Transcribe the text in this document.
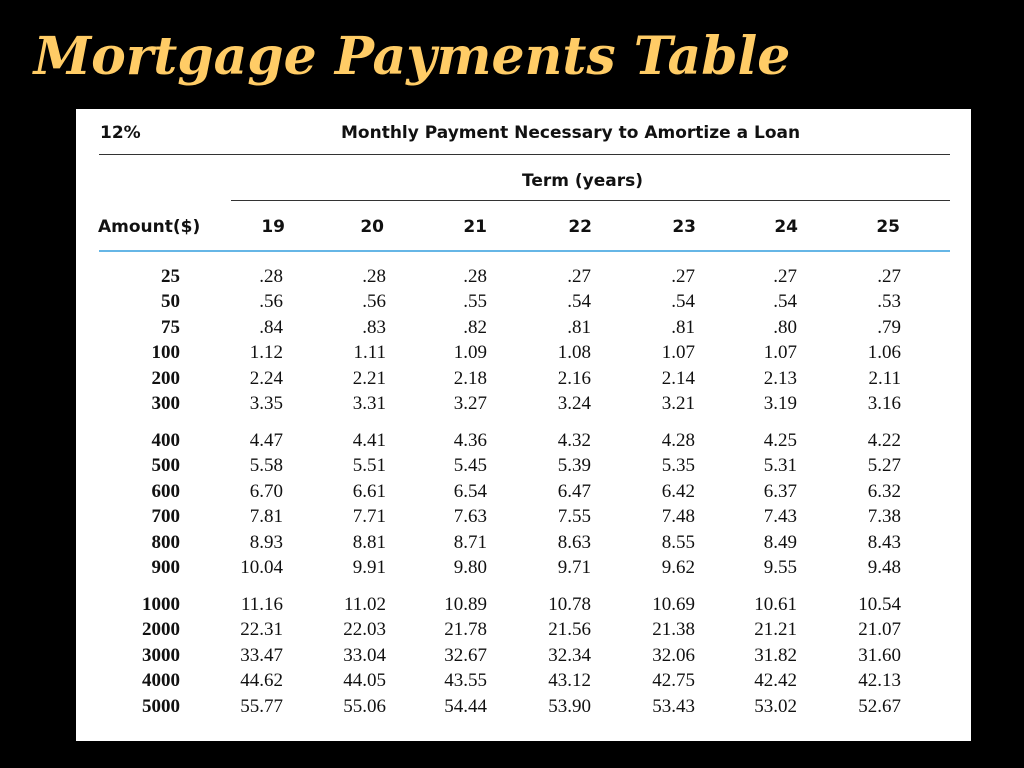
Mortgage Payments Table
12%	Monthly Payment Necessary to Amortize a Loan
Term (years)
Amount($)	19	20	21	22	23	24	25
25	.28	.28	.28	.27	.27	.27	.27
50	.56	.56	.55	.54	.54	.54	.53
75	.84	.83	.82	.81	.81	.80	.79
100	1.12	1.11	1.09	1.08	1.07	1.07	1.06
200	2.24	2.21	2.18	2.16	2.14	2.13	2.11
300	3.35	3.31	3.27	3.24	3.21	3.19	3.16
400	4.47	4.41	4.36	4.32	4.28	4.25	4.22
500	5.58	5.51	5.45	5.39	5.35	5.31	5.27
600	6.70	6.61	6.54	6.47	6.42	6.37	6.32
700	7.81	7.71	7.63	7.55	7.48	7.43	7.38
800	8.93	8.81	8.71	8.63	8.55	8.49	8.43
900	10.04	9.91	9.80	9.71	9.62	9.55	9.48
1000	11.16	11.02	10.89	10.78	10.69	10.61	10.54
2000	22.31	22.03	21.78	21.56	21.38	21.21	21.07
3000	33.47	33.04	32.67	32.34	32.06	31.82	31.60
4000	44.62	44.05	43.55	43.12	42.75	42.42	42.13
5000	55.77	55.06	54.44	53.90	53.43	53.02	52.67
